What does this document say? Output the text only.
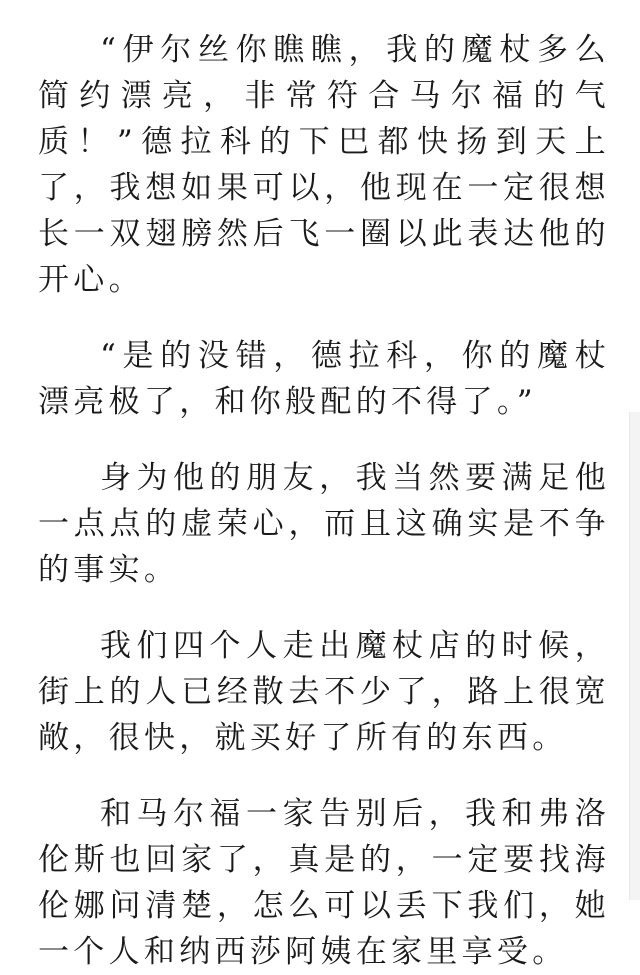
“伊尔丝你瞧瞧，我的魔杖多么简约漂亮，非常符合马尔福的气质！”德拉科的下巴都快扬到天上了，我想如果可以，他现在一定很想长一双翅膀然后飞一圈以此表达他的开心。

“是的没错，德拉科，你的魔杖漂亮极了，和你般配的不得了。”

身为他的朋友，我当然要满足他一点点的虚荣心，而且这确实是不争的事实。

我们四个人走出魔杖店的时候，街上的人已经散去不少了，路上很宽敞，很快，就买好了所有的东西。

和马尔福一家告别后，我和弗洛伦斯也回家了，真是的，一定要找海伦娜问清楚，怎么可以丢下我们，她一个人和纳西莎阿姨在家里享受。
